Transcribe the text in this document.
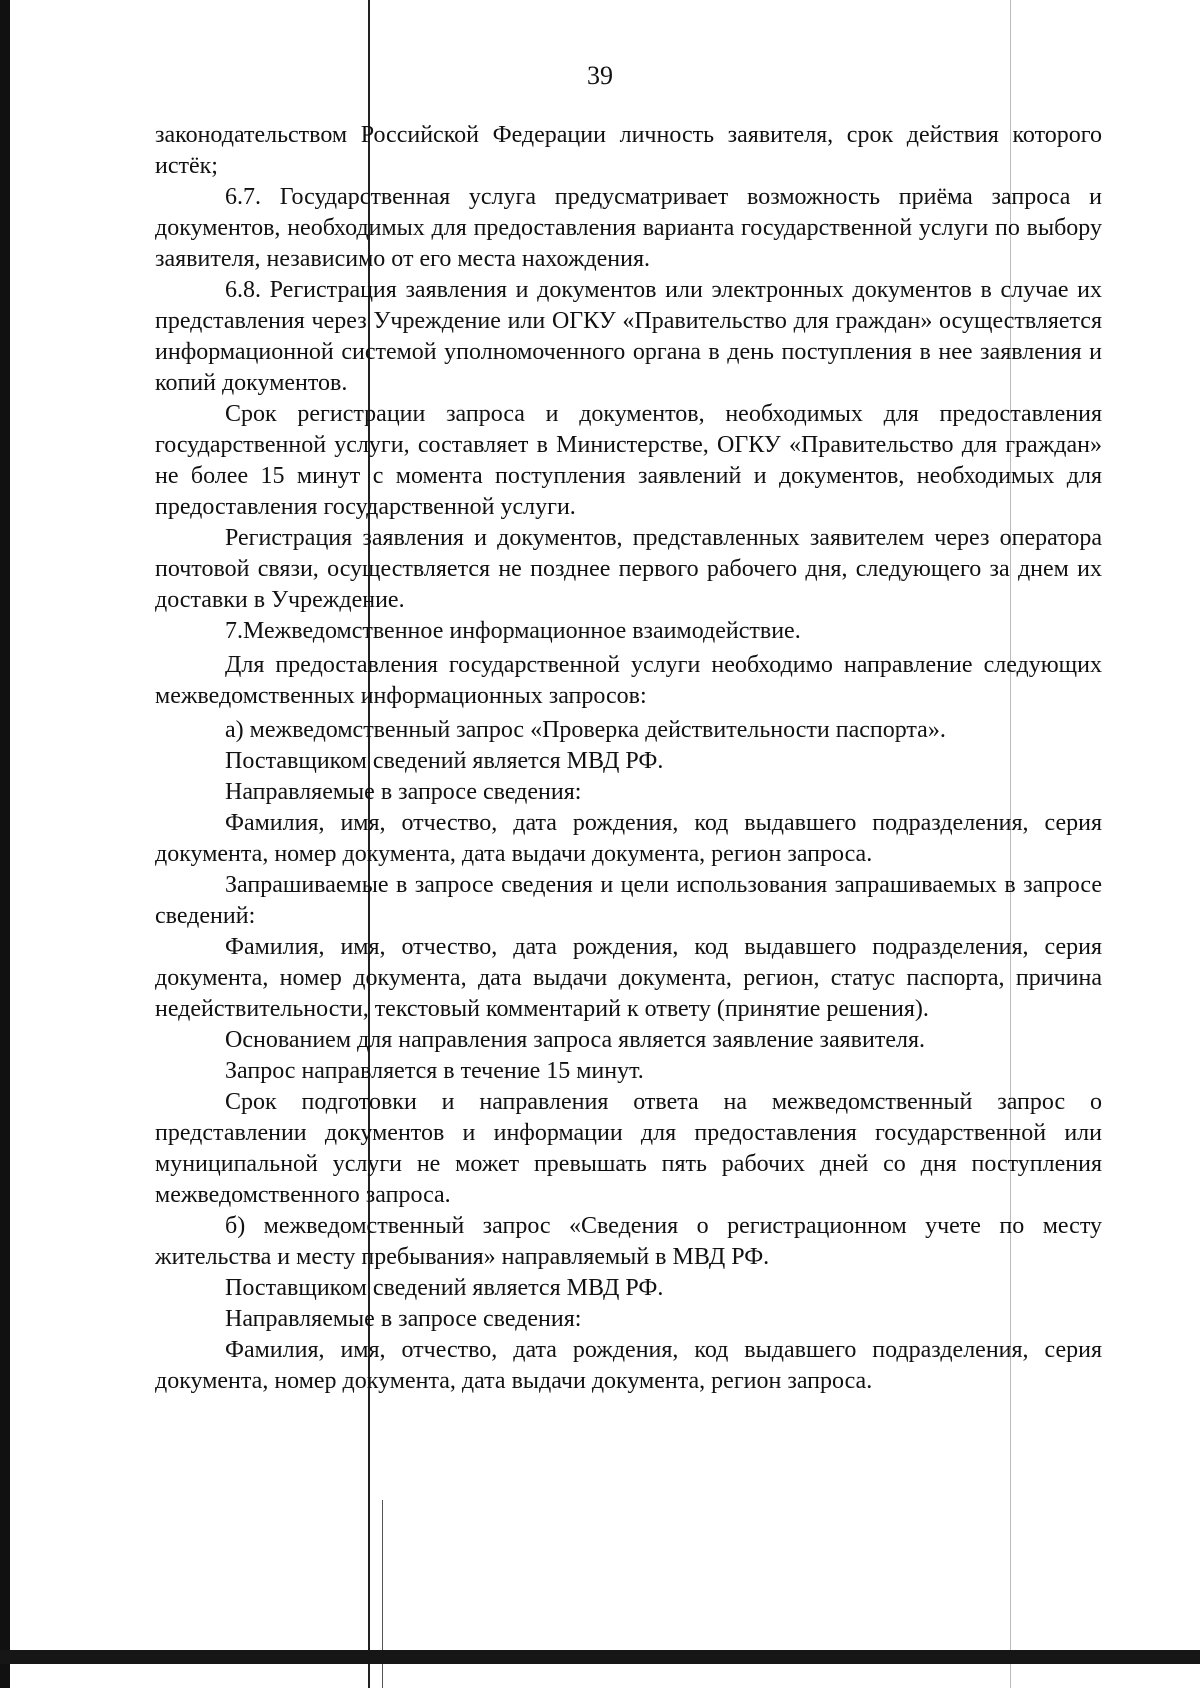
39

законодательством Российской Федерации личность заявителя, срок действия которого истёк;

6.7. Государственная услуга предусматривает возможность приёма запроса и документов, необходимых для предоставления варианта государственной услуги по выбору заявителя, независимо от его места нахождения.

6.8. Регистрация заявления и документов или электронных документов в случае их представления через Учреждение или ОГКУ «Правительство для граждан» осуществляется информационной системой уполномоченного органа в день поступления в нее заявления и копий документов.

Срок регистрации запроса и документов, необходимых для предоставления государственной услуги, составляет в Министерстве, ОГКУ «Правительство для граждан» не более 15 минут с момента поступления заявлений и документов, необходимых для предоставления государственной услуги.

Регистрация заявления и документов, представленных заявителем через оператора почтовой связи, осуществляется не позднее первого рабочего дня, следующего за днем их доставки в Учреждение.

7.Межведомственное информационное взаимодействие.

Для предоставления государственной услуги необходимо направление следующих межведомственных информационных запросов:

а) межведомственный запрос «Проверка действительности паспорта».

Поставщиком сведений является МВД РФ.

Направляемые в запросе сведения:

Фамилия, имя, отчество, дата рождения, код выдавшего подразделения, серия документа, номер документа, дата выдачи документа, регион запроса.

Запрашиваемые в запросе сведения и цели использования запрашиваемых в запросе сведений:

Фамилия, имя, отчество, дата рождения, код выдавшего подразделения, серия документа, номер документа, дата выдачи документа, регион, статус паспорта, причина недействительности, текстовый комментарий к ответу (принятие решения).

Основанием для направления запроса является заявление заявителя.

Запрос направляется в течение 15 минут.

Срок подготовки и направления ответа на межведомственный запрос о представлении документов и информации для предоставления государственной или муниципальной услуги не может превышать пять рабочих дней со дня поступления межведомственного запроса.

б) межведомственный запрос «Сведения о регистрационном учете по месту жительства и месту пребывания» направляемый в МВД РФ.

Поставщиком сведений является МВД РФ.

Направляемые в запросе сведения:

Фамилия, имя, отчество, дата рождения, код выдавшего подразделения, серия документа, номер документа, дата выдачи документа, регион запроса.
